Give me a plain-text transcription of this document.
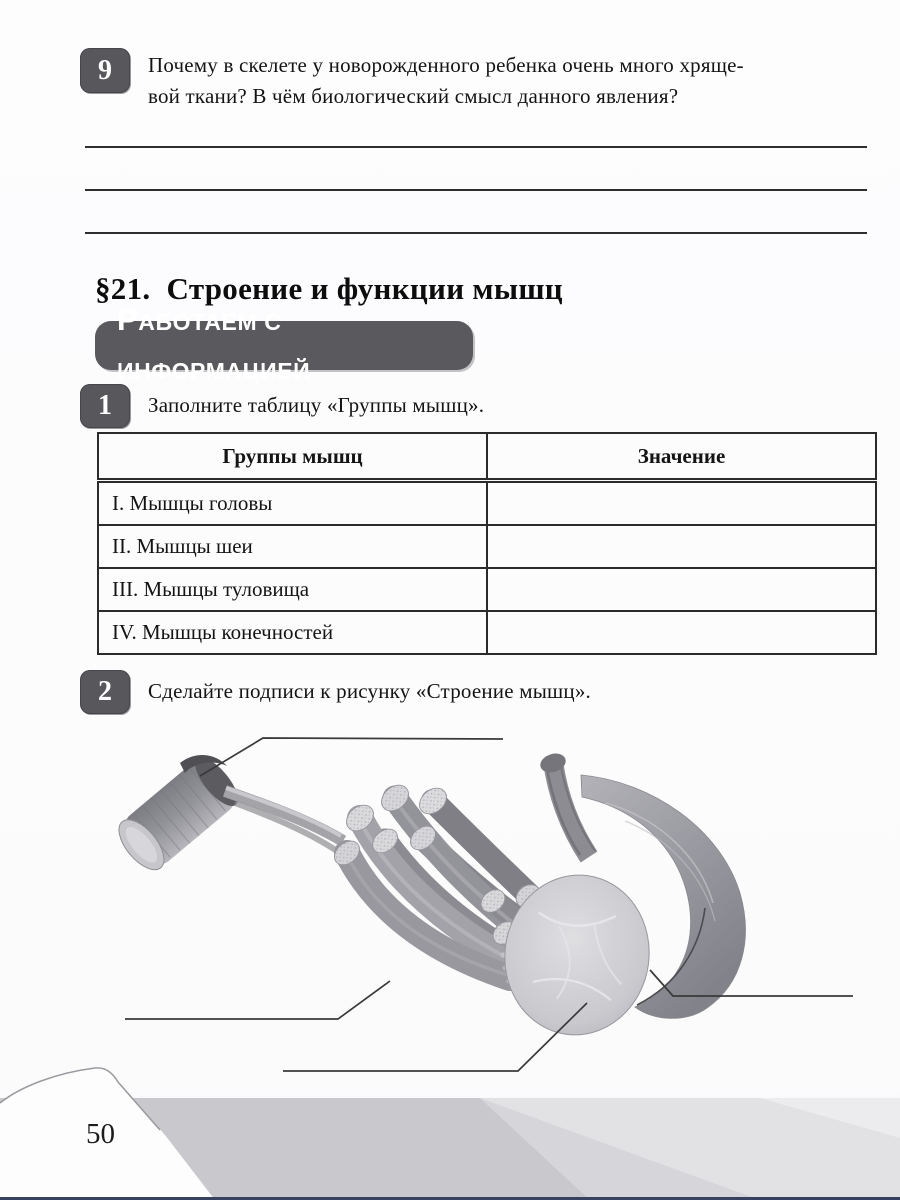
9 Почему в скелете у новорожденного ребенка очень много хряще-
вой ткани? В чём биологический смысл данного явления?
§21.  Строение и функции мышц
РАБОТАЕМ С ИНФОРМАЦИЕЙ
1 Заполните таблицу «Группы мышц».
Группы мышц	Значение
I. Мышцы головы	
II. Мышцы шеи	
III. Мышцы туловища	
IV. Мышцы конечностей	
2 Сделайте подписи к рисунку «Строение мышц».
50
